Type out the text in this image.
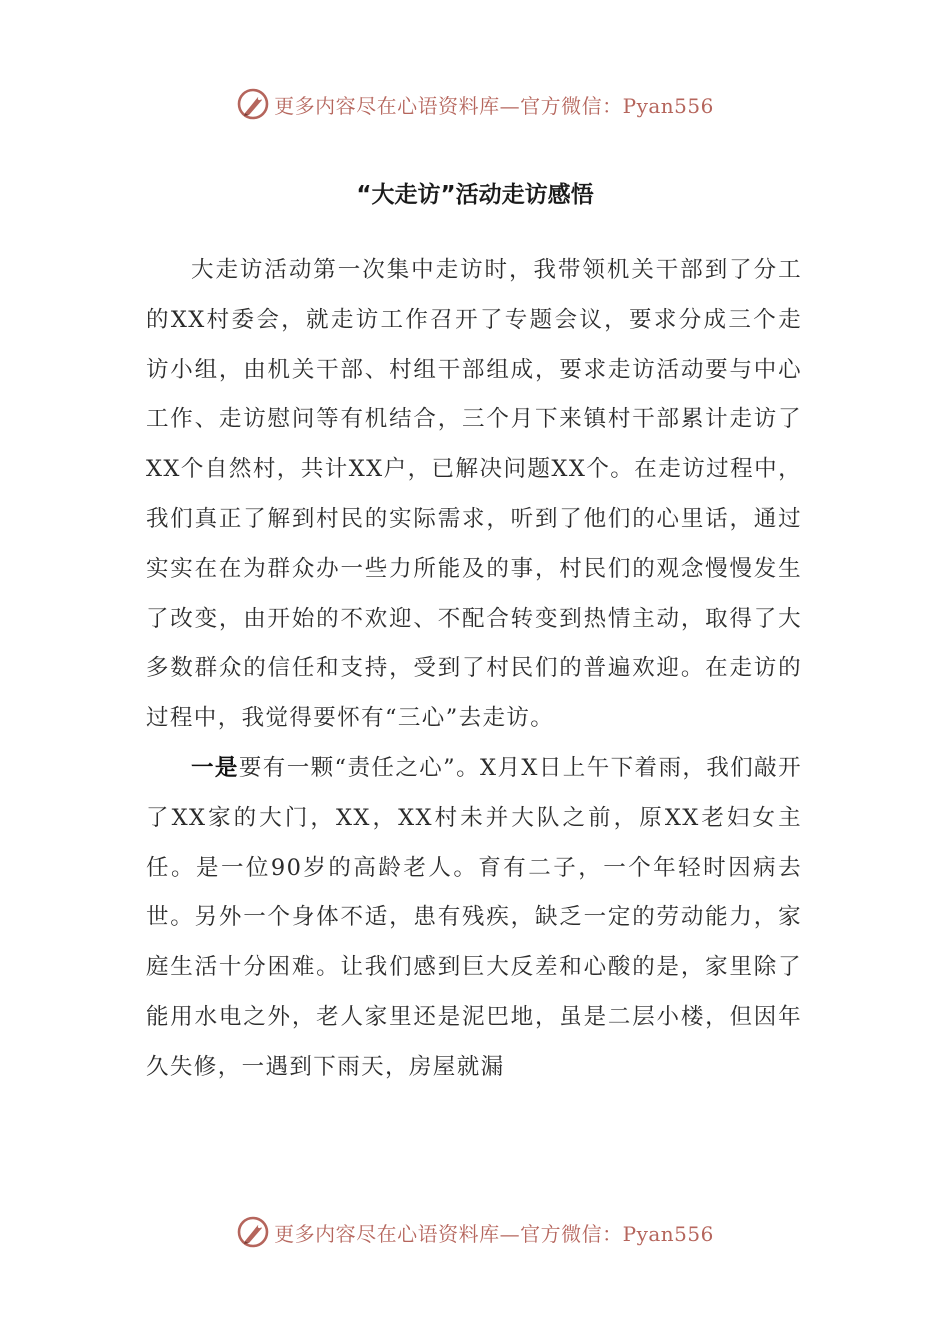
更多内容尽在心语资料库—官方微信：Pyan556
“大走访”活动走访感悟

大走访活动第一次集中走访时，我带领机关干部到了分工的XX村委会，就走访工作召开了专题会议，要求分成三个走访小组，由机关干部、村组干部组成，要求走访活动要与中心工作、走访慰问等有机结合，三个月下来镇村干部累计走访了XX个自然村，共计XX户，已解决问题XX个。在走访过程中，我们真正了解到村民的实际需求，听到了他们的心里话，通过实实在在为群众办一些力所能及的事，村民们的观念慢慢发生了改变，由开始的不欢迎、不配合转变到热情主动，取得了大多数群众的信任和支持，受到了村民们的普遍欢迎。在走访的过程中，我觉得要怀有“三心”去走访。

一是要有一颗“责任之心”。X月X日上午下着雨，我们敲开了XX家的大门，XX，XX村未并大队之前，原XX老妇女主任。是一位90岁的高龄老人。育有二子，一个年轻时因病去世。另外一个身体不适，患有残疾，缺乏一定的劳动能力，家庭生活十分困难。让我们感到巨大反差和心酸的是，家里除了能用水电之外，老人家里还是泥巴地，虽是二层小楼，但因年久失修，一遇到下雨天，房屋就漏

更多内容尽在心语资料库—官方微信：Pyan556
